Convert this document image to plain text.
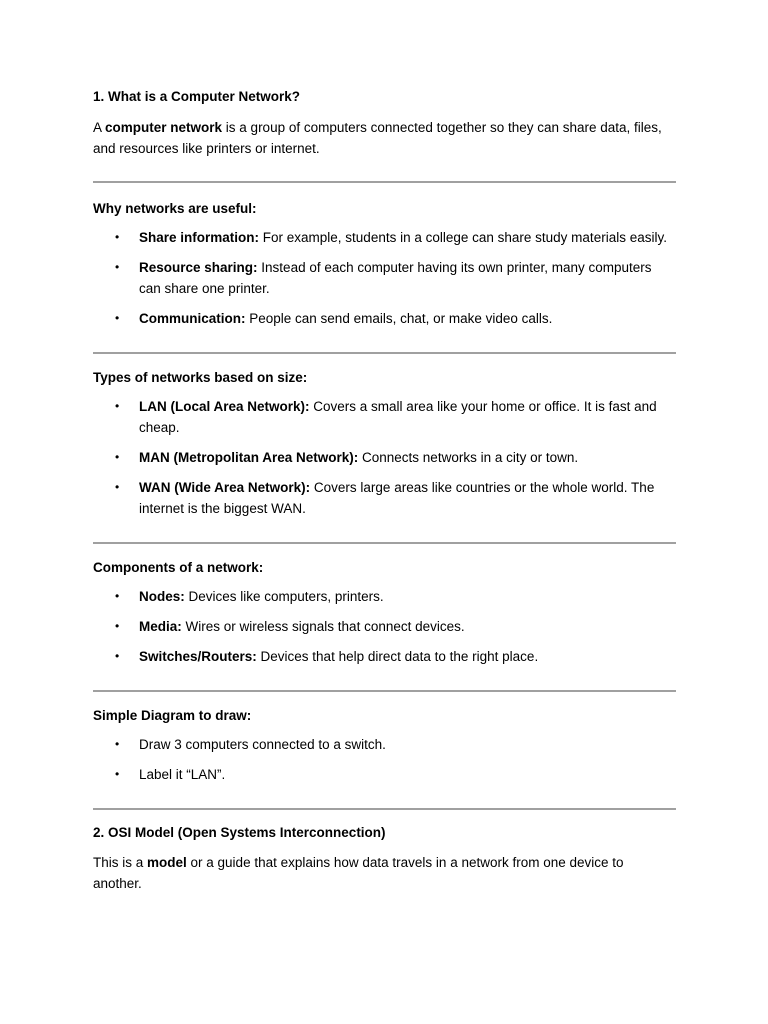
1. What is a Computer Network?

A computer network is a group of computers connected together so they can share data, files, and resources like printers or internet.

Why networks are useful:

• Share information: For example, students in a college can share study materials easily.
• Resource sharing: Instead of each computer having its own printer, many computers can share one printer.
• Communication: People can send emails, chat, or make video calls.

Types of networks based on size:

• LAN (Local Area Network): Covers a small area like your home or office. It is fast and cheap.
• MAN (Metropolitan Area Network): Connects networks in a city or town.
• WAN (Wide Area Network): Covers large areas like countries or the whole world. The internet is the biggest WAN.

Components of a network:

• Nodes: Devices like computers, printers.
• Media: Wires or wireless signals that connect devices.
• Switches/Routers: Devices that help direct data to the right place.

Simple Diagram to draw:

• Draw 3 computers connected to a switch.
• Label it “LAN”.

2. OSI Model (Open Systems Interconnection)

This is a model or a guide that explains how data travels in a network from one device to another.
